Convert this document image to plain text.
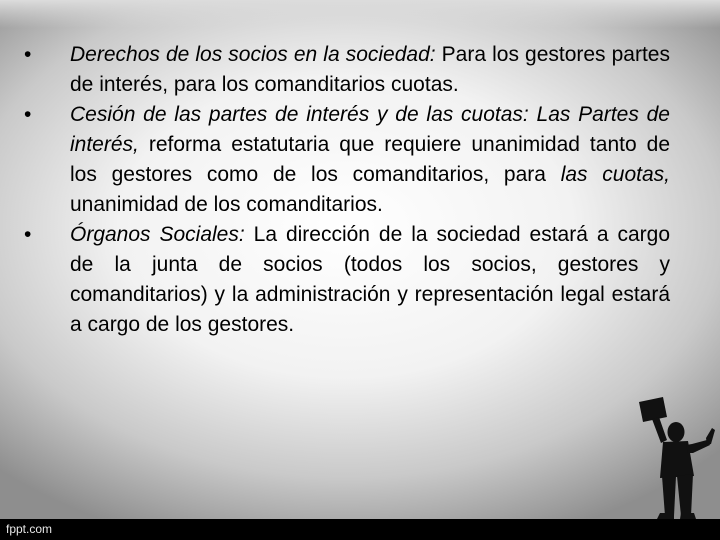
• Derechos de los socios en la sociedad: Para los gestores partes de interés, para los comanditarios cuotas.
• Cesión de las partes de interés y de las cuotas: Las Partes de interés, reforma estatutaria que requiere unanimidad tanto de los gestores como de los comanditarios, para las cuotas, unanimidad de los comanditarios.
• Órganos Sociales: La dirección de la sociedad estará a cargo de la junta de socios (todos los socios, gestores y comanditarios) y la administración y representación legal estará a cargo de los gestores.
fppt.com
